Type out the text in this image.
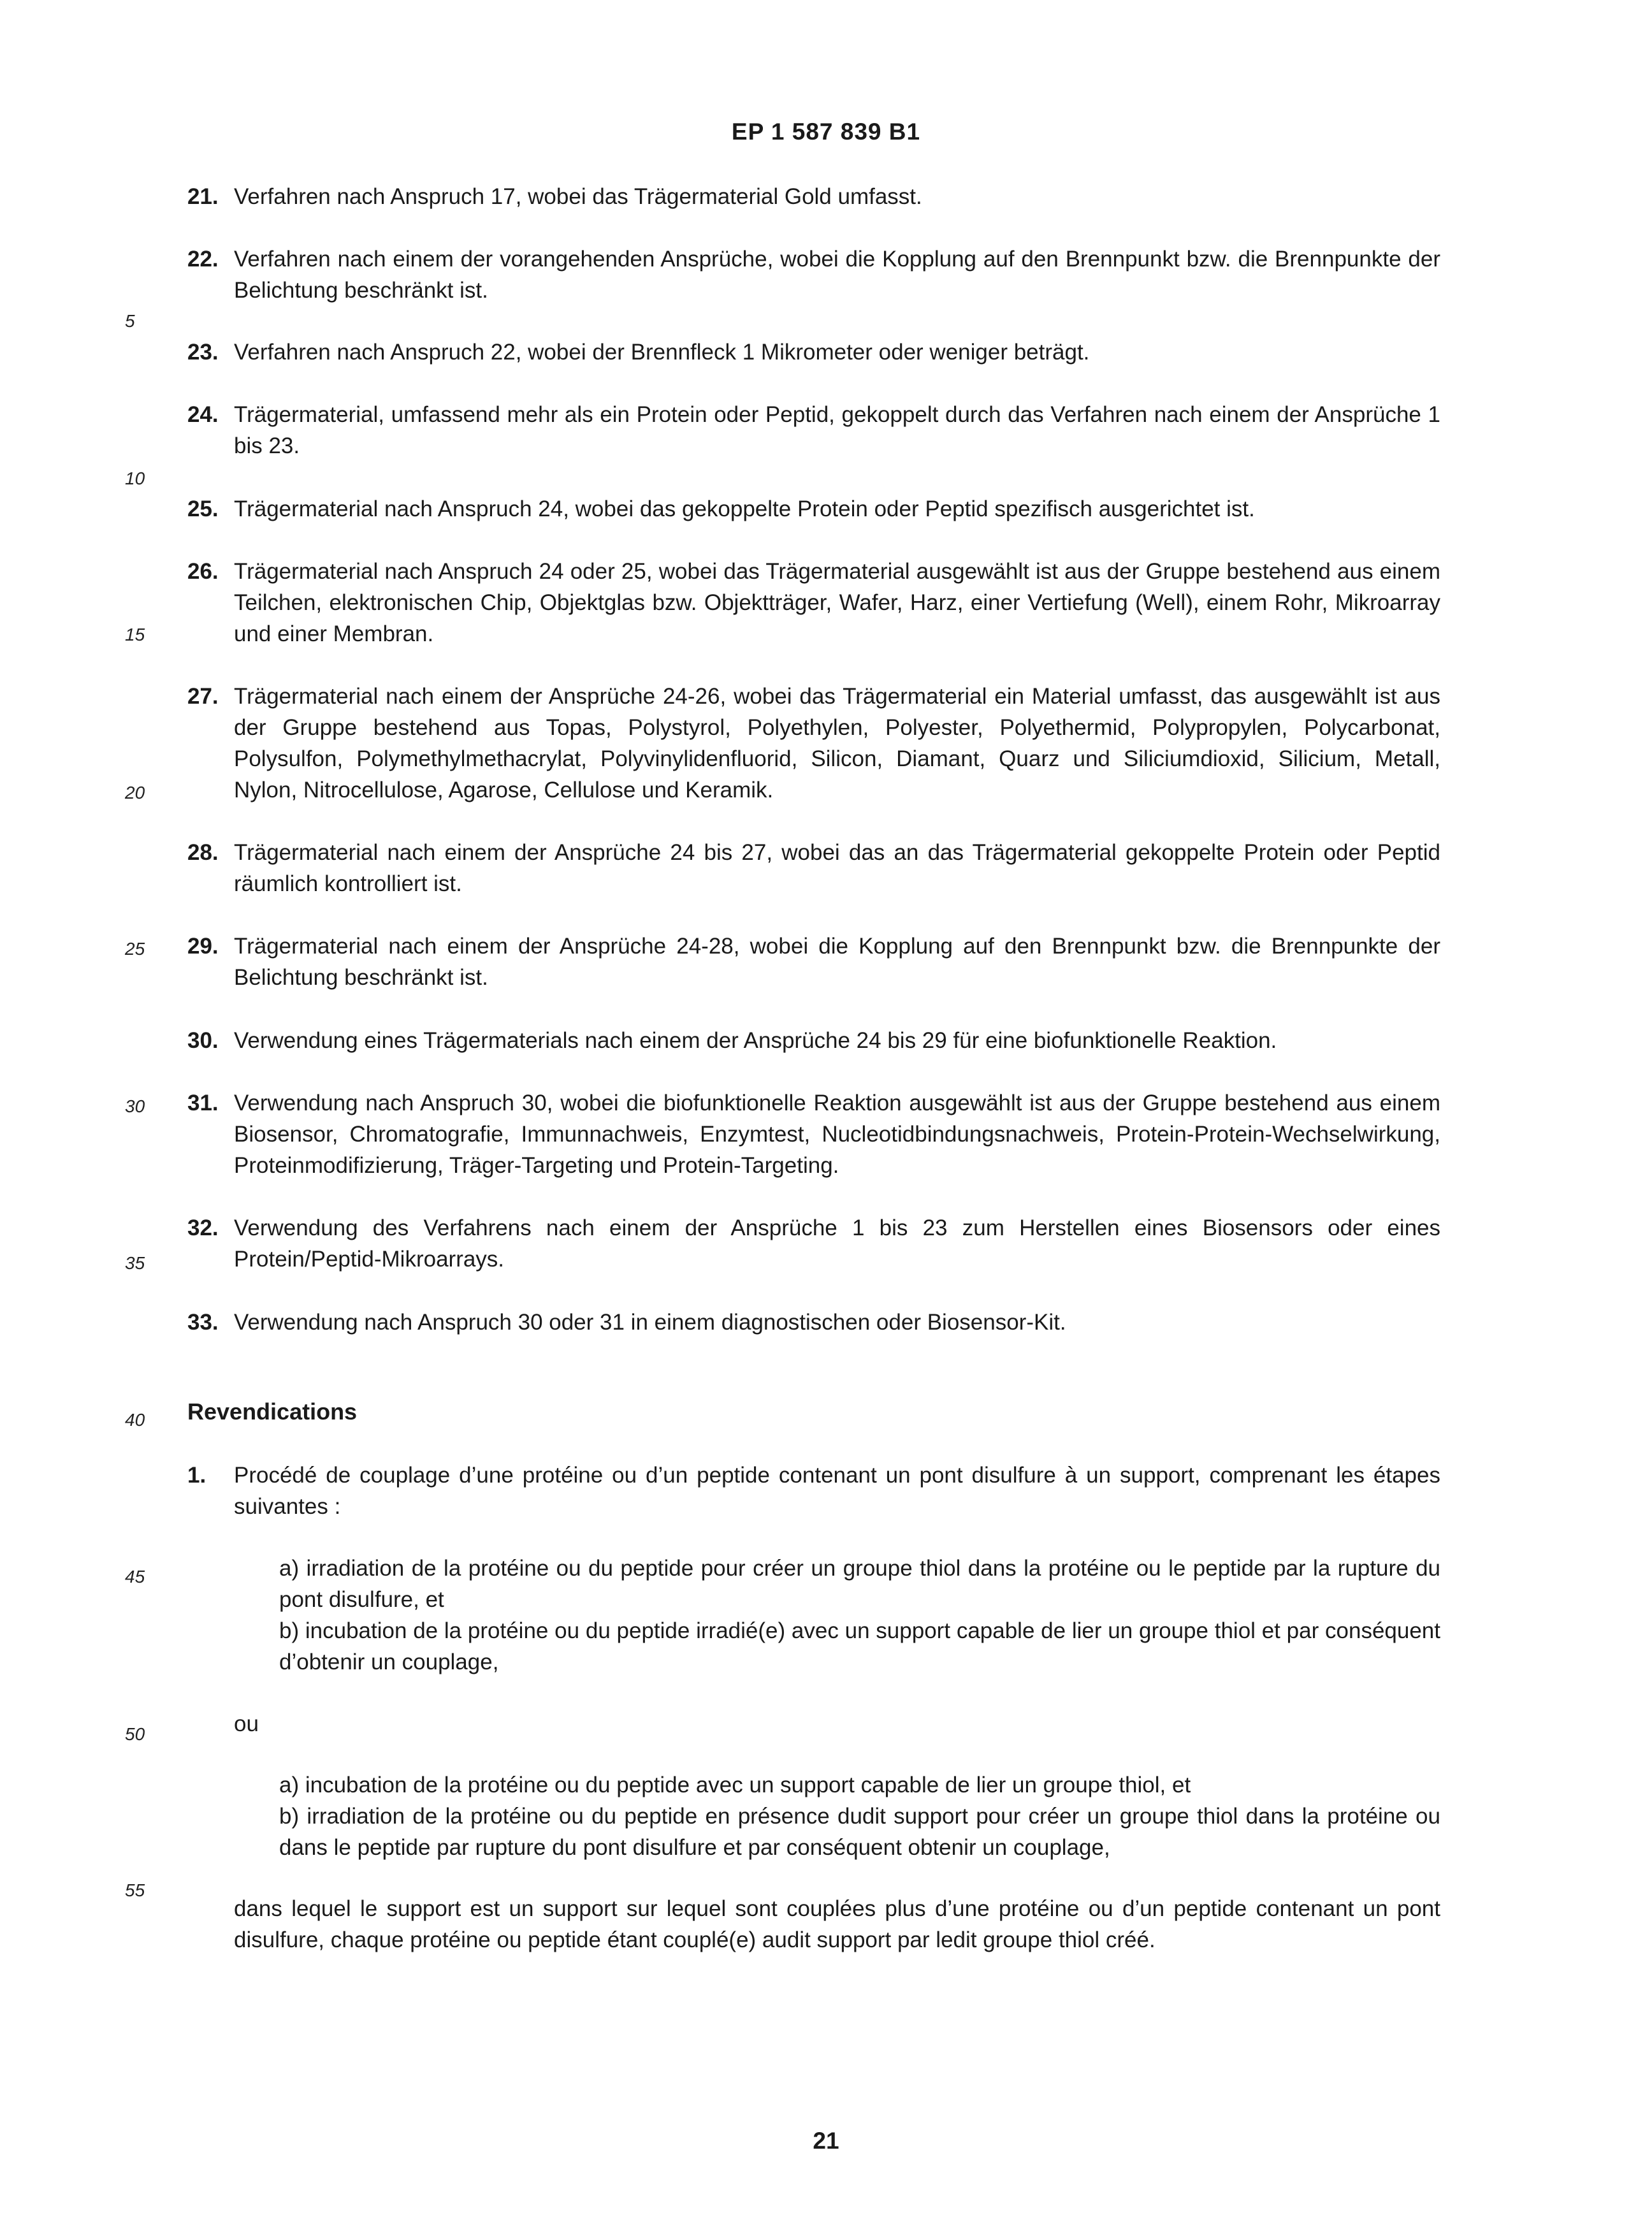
EP 1 587 839 B1
5
10
15
20
25
30
35
40
45
50
55
21. Verfahren nach Anspruch 17, wobei das Trägermaterial Gold umfasst.
22. Verfahren nach einem der vorangehenden Ansprüche, wobei die Kopplung auf den Brennpunkt bzw. die Brennpunkte der Belichtung beschränkt ist.
23. Verfahren nach Anspruch 22, wobei der Brennfleck 1 Mikrometer oder weniger beträgt.
24. Trägermaterial, umfassend mehr als ein Protein oder Peptid, gekoppelt durch das Verfahren nach einem der Ansprüche 1 bis 23.
25. Trägermaterial nach Anspruch 24, wobei das gekoppelte Protein oder Peptid spezifisch ausgerichtet ist.
26. Trägermaterial nach Anspruch 24 oder 25, wobei das Trägermaterial ausgewählt ist aus der Gruppe bestehend aus einem Teilchen, elektronischen Chip, Objektglas bzw. Objektträger, Wafer, Harz, einer Vertiefung (Well), einem Rohr, Mikroarray und einer Membran.
27. Trägermaterial nach einem der Ansprüche 24-26, wobei das Trägermaterial ein Material umfasst, das ausgewählt ist aus der Gruppe bestehend aus Topas, Polystyrol, Polyethylen, Polyester, Polyethermid, Polypropylen, Polycarbonat, Polysulfon, Polymethylmethacrylat, Polyvinylidenfluorid, Silicon, Diamant, Quarz und Siliciumdioxid, Silicium, Metall, Nylon, Nitrocellulose, Agarose, Cellulose und Keramik.
28. Trägermaterial nach einem der Ansprüche 24 bis 27, wobei das an das Trägermaterial gekoppelte Protein oder Peptid räumlich kontrolliert ist.
29. Trägermaterial nach einem der Ansprüche 24-28, wobei die Kopplung auf den Brennpunkt bzw. die Brennpunkte der Belichtung beschränkt ist.
30. Verwendung eines Trägermaterials nach einem der Ansprüche 24 bis 29 für eine biofunktionelle Reaktion.
31. Verwendung nach Anspruch 30, wobei die biofunktionelle Reaktion ausgewählt ist aus der Gruppe bestehend aus einem Biosensor, Chromatografie, Immunnachweis, Enzymtest, Nucleotidbindungsnachweis, Protein-Protein-Wechselwirkung, Proteinmodifizierung, Träger-Targeting und Protein-Targeting.
32. Verwendung des Verfahrens nach einem der Ansprüche 1 bis 23 zum Herstellen eines Biosensors oder eines Protein/Peptid-Mikroarrays.
33. Verwendung nach Anspruch 30 oder 31 in einem diagnostischen oder Biosensor-Kit.
Revendications
1.	Procédé de couplage d’une protéine ou d’un peptide contenant un pont disulfure à un support, comprenant les étapes suivantes :

a) irradiation de la protéine ou du peptide pour créer un groupe thiol dans la protéine ou le peptide par la rupture du pont disulfure, et

b) incubation de la protéine ou du peptide irradié(e) avec un support capable de lier un groupe thiol et par conséquent d’obtenir un couplage,

ou

a) incubation de la protéine ou du peptide avec un support capable de lier un groupe thiol, et

b) irradiation de la protéine ou du peptide en présence dudit support pour créer un groupe thiol dans la protéine ou dans le peptide par rupture du pont disulfure et par conséquent obtenir un couplage,

dans lequel le support est un support sur lequel sont couplées plus d’une protéine ou d’un peptide contenant un pont disulfure, chaque protéine ou peptide étant couplé(e) audit support par ledit groupe thiol créé.
21
